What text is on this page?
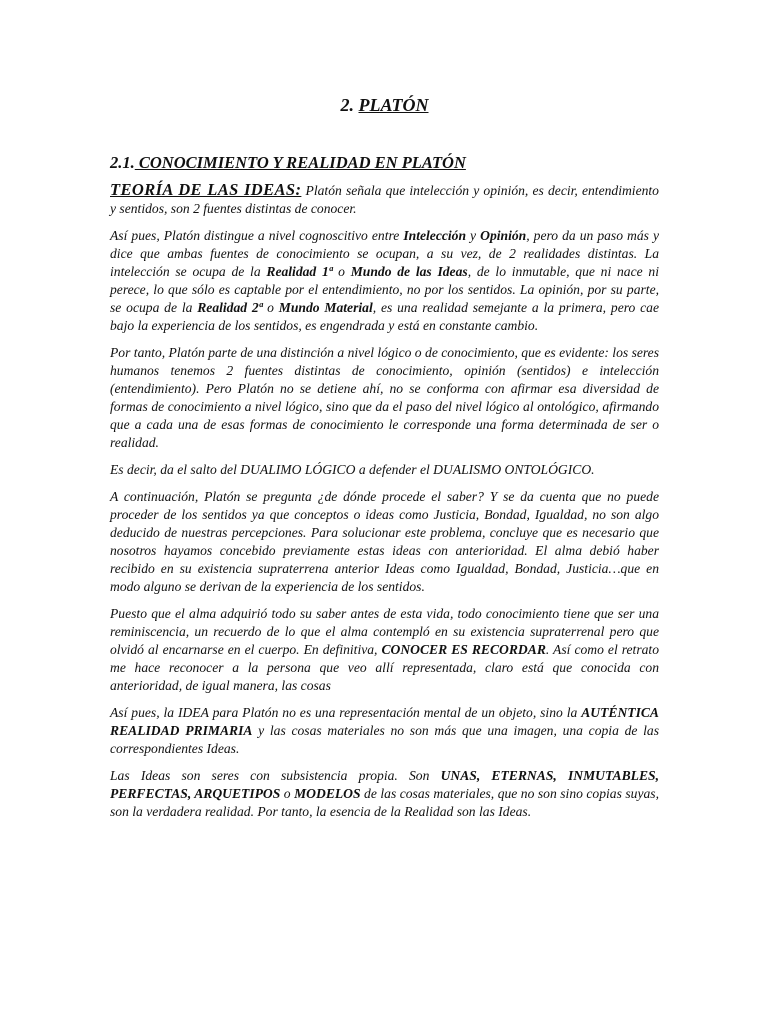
2. PLATÓN
2.1. CONOCIMIENTO Y REALIDAD EN PLATÓN

TEORÍA DE LAS IDEAS: Platón señala que intelección y opinión, es decir, entendimiento y sentidos, son 2 fuentes distintas de conocer.

Así pues, Platón distingue a nivel cognoscitivo entre Intelección y Opinión, pero da un paso más y dice que ambas fuentes de conocimiento se ocupan, a su vez, de 2 realidades distintas. La intelección se ocupa de la Realidad 1ª o Mundo de las Ideas, de lo inmutable, que ni nace ni perece, lo que sólo es captable por el entendimiento, no por los sentidos. La opinión, por su parte, se ocupa de la Realidad 2ª o Mundo Material, es una realidad semejante a la primera, pero cae bajo la experiencia de los sentidos, es engendrada y está en constante cambio.

Por tanto, Platón parte de una distinción a nivel lógico o de conocimiento, que es evidente: los seres humanos tenemos 2 fuentes distintas de conocimiento, opinión (sentidos) e intelección (entendimiento). Pero Platón no se detiene ahí, no se conforma con afirmar esa diversidad de formas de conocimiento a nivel lógico, sino que da el paso del nivel lógico al ontológico, afirmando que a cada una de esas formas de conocimiento le corresponde una forma determinada de ser o realidad.

Es decir, da el salto del DUALIMO LÓGICO a defender el DUALISMO ONTOLÓGICO.

A continuación, Platón se pregunta ¿de dónde procede el saber? Y se da cuenta que no puede proceder de los sentidos ya que conceptos o ideas como Justicia, Bondad, Igualdad, no son algo deducido de nuestras percepciones. Para solucionar este problema, concluye que es necesario que nosotros hayamos concebido previamente estas ideas con anterioridad. El alma debió haber recibido en su existencia supraterrena anterior Ideas como Igualdad, Bondad, Justicia…que en modo alguno se derivan de la experiencia de los sentidos.

Puesto que el alma adquirió todo su saber antes de esta vida, todo conocimiento tiene que ser una reminiscencia, un recuerdo de lo que el alma contempló en su existencia supraterrenal pero que olvidó al encarnarse en el cuerpo. En definitiva, CONOCER ES RECORDAR. Así como el retrato me hace reconocer a la persona que veo allí representada, claro está que conocida con anterioridad, de igual manera, las cosas

Así pues, la IDEA para Platón no es una representación mental de un objeto, sino la AUTÉNTICA REALIDAD PRIMARIA y las cosas materiales no son más que una imagen, una copia de las correspondientes Ideas.

Las Ideas son seres con subsistencia propia. Son UNAS, ETERNAS, INMUTABLES, PERFECTAS, ARQUETIPOS o MODELOS de las cosas materiales, que no son sino copias suyas, son la verdadera realidad. Por tanto, la esencia de la Realidad son las Ideas.
